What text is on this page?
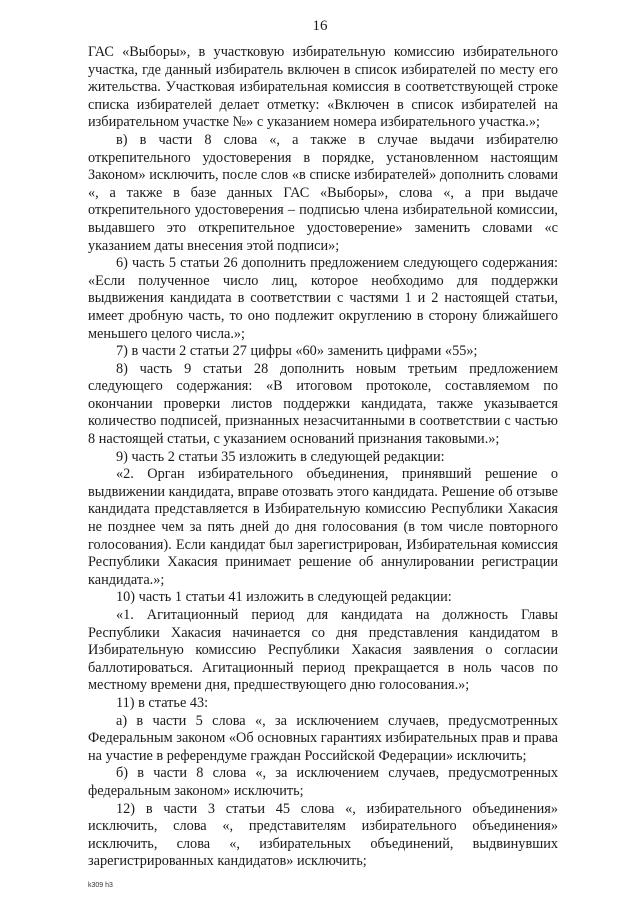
16

ГАС «Выборы», в участковую избирательную комиссию избирательного участка, где данный избиратель включен в список избирателей по месту его жительства. Участковая избирательная комиссия в соответствующей строке списка избирателей делает отметку: «Включен в список избирателей на избирательном участке №» с указанием номера избирательного участка.»;

в) в части 8 слова «, а также в случае выдачи избирателю открепительного удостоверения в порядке, установленном настоящим Законом» исключить, после слов «в списке избирателей» дополнить словами «, а также в базе данных ГАС «Выборы», слова «, а при выдаче открепительного удостоверения – подписью члена избирательной комиссии, выдавшего это открепительное удостоверение» заменить словами «с указанием даты внесения этой подписи»;

6) часть 5 статьи 26 дополнить предложением следующего содержания: «Если полученное число лиц, которое необходимо для поддержки выдвижения кандидата в соответствии с частями 1 и 2 настоящей статьи, имеет дробную часть, то оно подлежит округлению в сторону ближайшего меньшего целого числа.»;

7) в части 2 статьи 27 цифры «60» заменить цифрами «55»;

8) часть 9 статьи 28 дополнить новым третьим предложением следующего содержания: «В итоговом протоколе, составляемом по окончании проверки листов поддержки кандидата, также указывается количество подписей, признанных незасчитанными в соответствии с частью 8 настоящей статьи, с указанием оснований признания таковыми.»;

9) часть 2 статьи 35 изложить в следующей редакции:

«2. Орган избирательного объединения, принявший решение о выдвижении кандидата, вправе отозвать этого кандидата. Решение об отзыве кандидата представляется в Избирательную комиссию Республики Хакасия не позднее чем за пять дней до дня голосования (в том числе повторного голосования). Если кандидат был зарегистрирован, Избирательная комиссия Республики Хакасия принимает решение об аннулировании регистрации кандидата.»;

10) часть 1 статьи 41 изложить в следующей редакции:

«1. Агитационный период для кандидата на должность Главы Республики Хакасия начинается со дня представления кандидатом в Избирательную комиссию Республики Хакасия заявления о согласии баллотироваться. Агитационный период прекращается в ноль часов по местному времени дня, предшествующего дню голосования.»;

11) в статье 43:

а) в части 5 слова «, за исключением случаев, предусмотренных Федеральным законом «Об основных гарантиях избирательных прав и права на участие в референдуме граждан Российской Федерации» исключить;

б) в части 8 слова «, за исключением случаев, предусмотренных федеральным законом» исключить;

12) в части 3 статьи 45 слова «, избирательного объединения» исключить, слова «, представителям избирательного объединения» исключить, слова «, избирательных объединений, выдвинувших зарегистрированных кандидатов» исключить;

k309 h3
